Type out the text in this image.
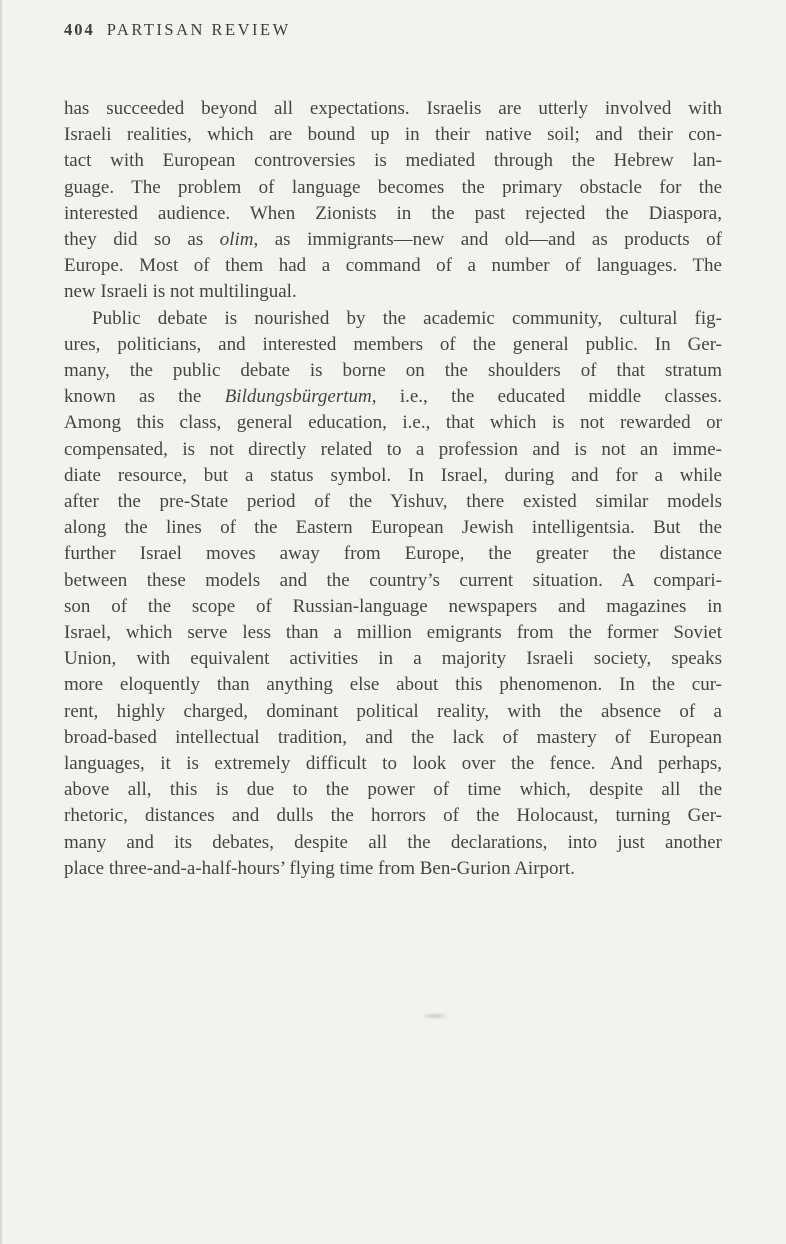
404 PARTISAN REVIEW
has succeeded beyond all expectations. Israelis are utterly involved with
Israeli realities, which are bound up in their native soil; and their con-
tact with European controversies is mediated through the Hebrew lan-
guage. The problem of language becomes the primary obstacle for the
interested audience. When Zionists in the past rejected the Diaspora,
they did so as olim, as immigrants—new and old—and as products of
Europe. Most of them had a command of a number of languages. The
new Israeli is not multilingual.
Public debate is nourished by the academic community, cultural fig-
ures, politicians, and interested members of the general public. In Ger-
many, the public debate is borne on the shoulders of that stratum
known as the Bildungsbürgertum, i.e., the educated middle classes.
Among this class, general education, i.e., that which is not rewarded or
compensated, is not directly related to a profession and is not an imme-
diate resource, but a status symbol. In Israel, during and for a while
after the pre-State period of the Yishuv, there existed similar models
along the lines of the Eastern European Jewish intelligentsia. But the
further Israel moves away from Europe, the greater the distance
between these models and the country’s current situation. A compari-
son of the scope of Russian-language newspapers and magazines in
Israel, which serve less than a million emigrants from the former Soviet
Union, with equivalent activities in a majority Israeli society, speaks
more eloquently than anything else about this phenomenon. In the cur-
rent, highly charged, dominant political reality, with the absence of a
broad-based intellectual tradition, and the lack of mastery of European
languages, it is extremely difficult to look over the fence. And perhaps,
above all, this is due to the power of time which, despite all the
rhetoric, distances and dulls the horrors of the Holocaust, turning Ger-
many and its debates, despite all the declarations, into just another
place three-and-a-half-hours’ flying time from Ben-Gurion Airport.
